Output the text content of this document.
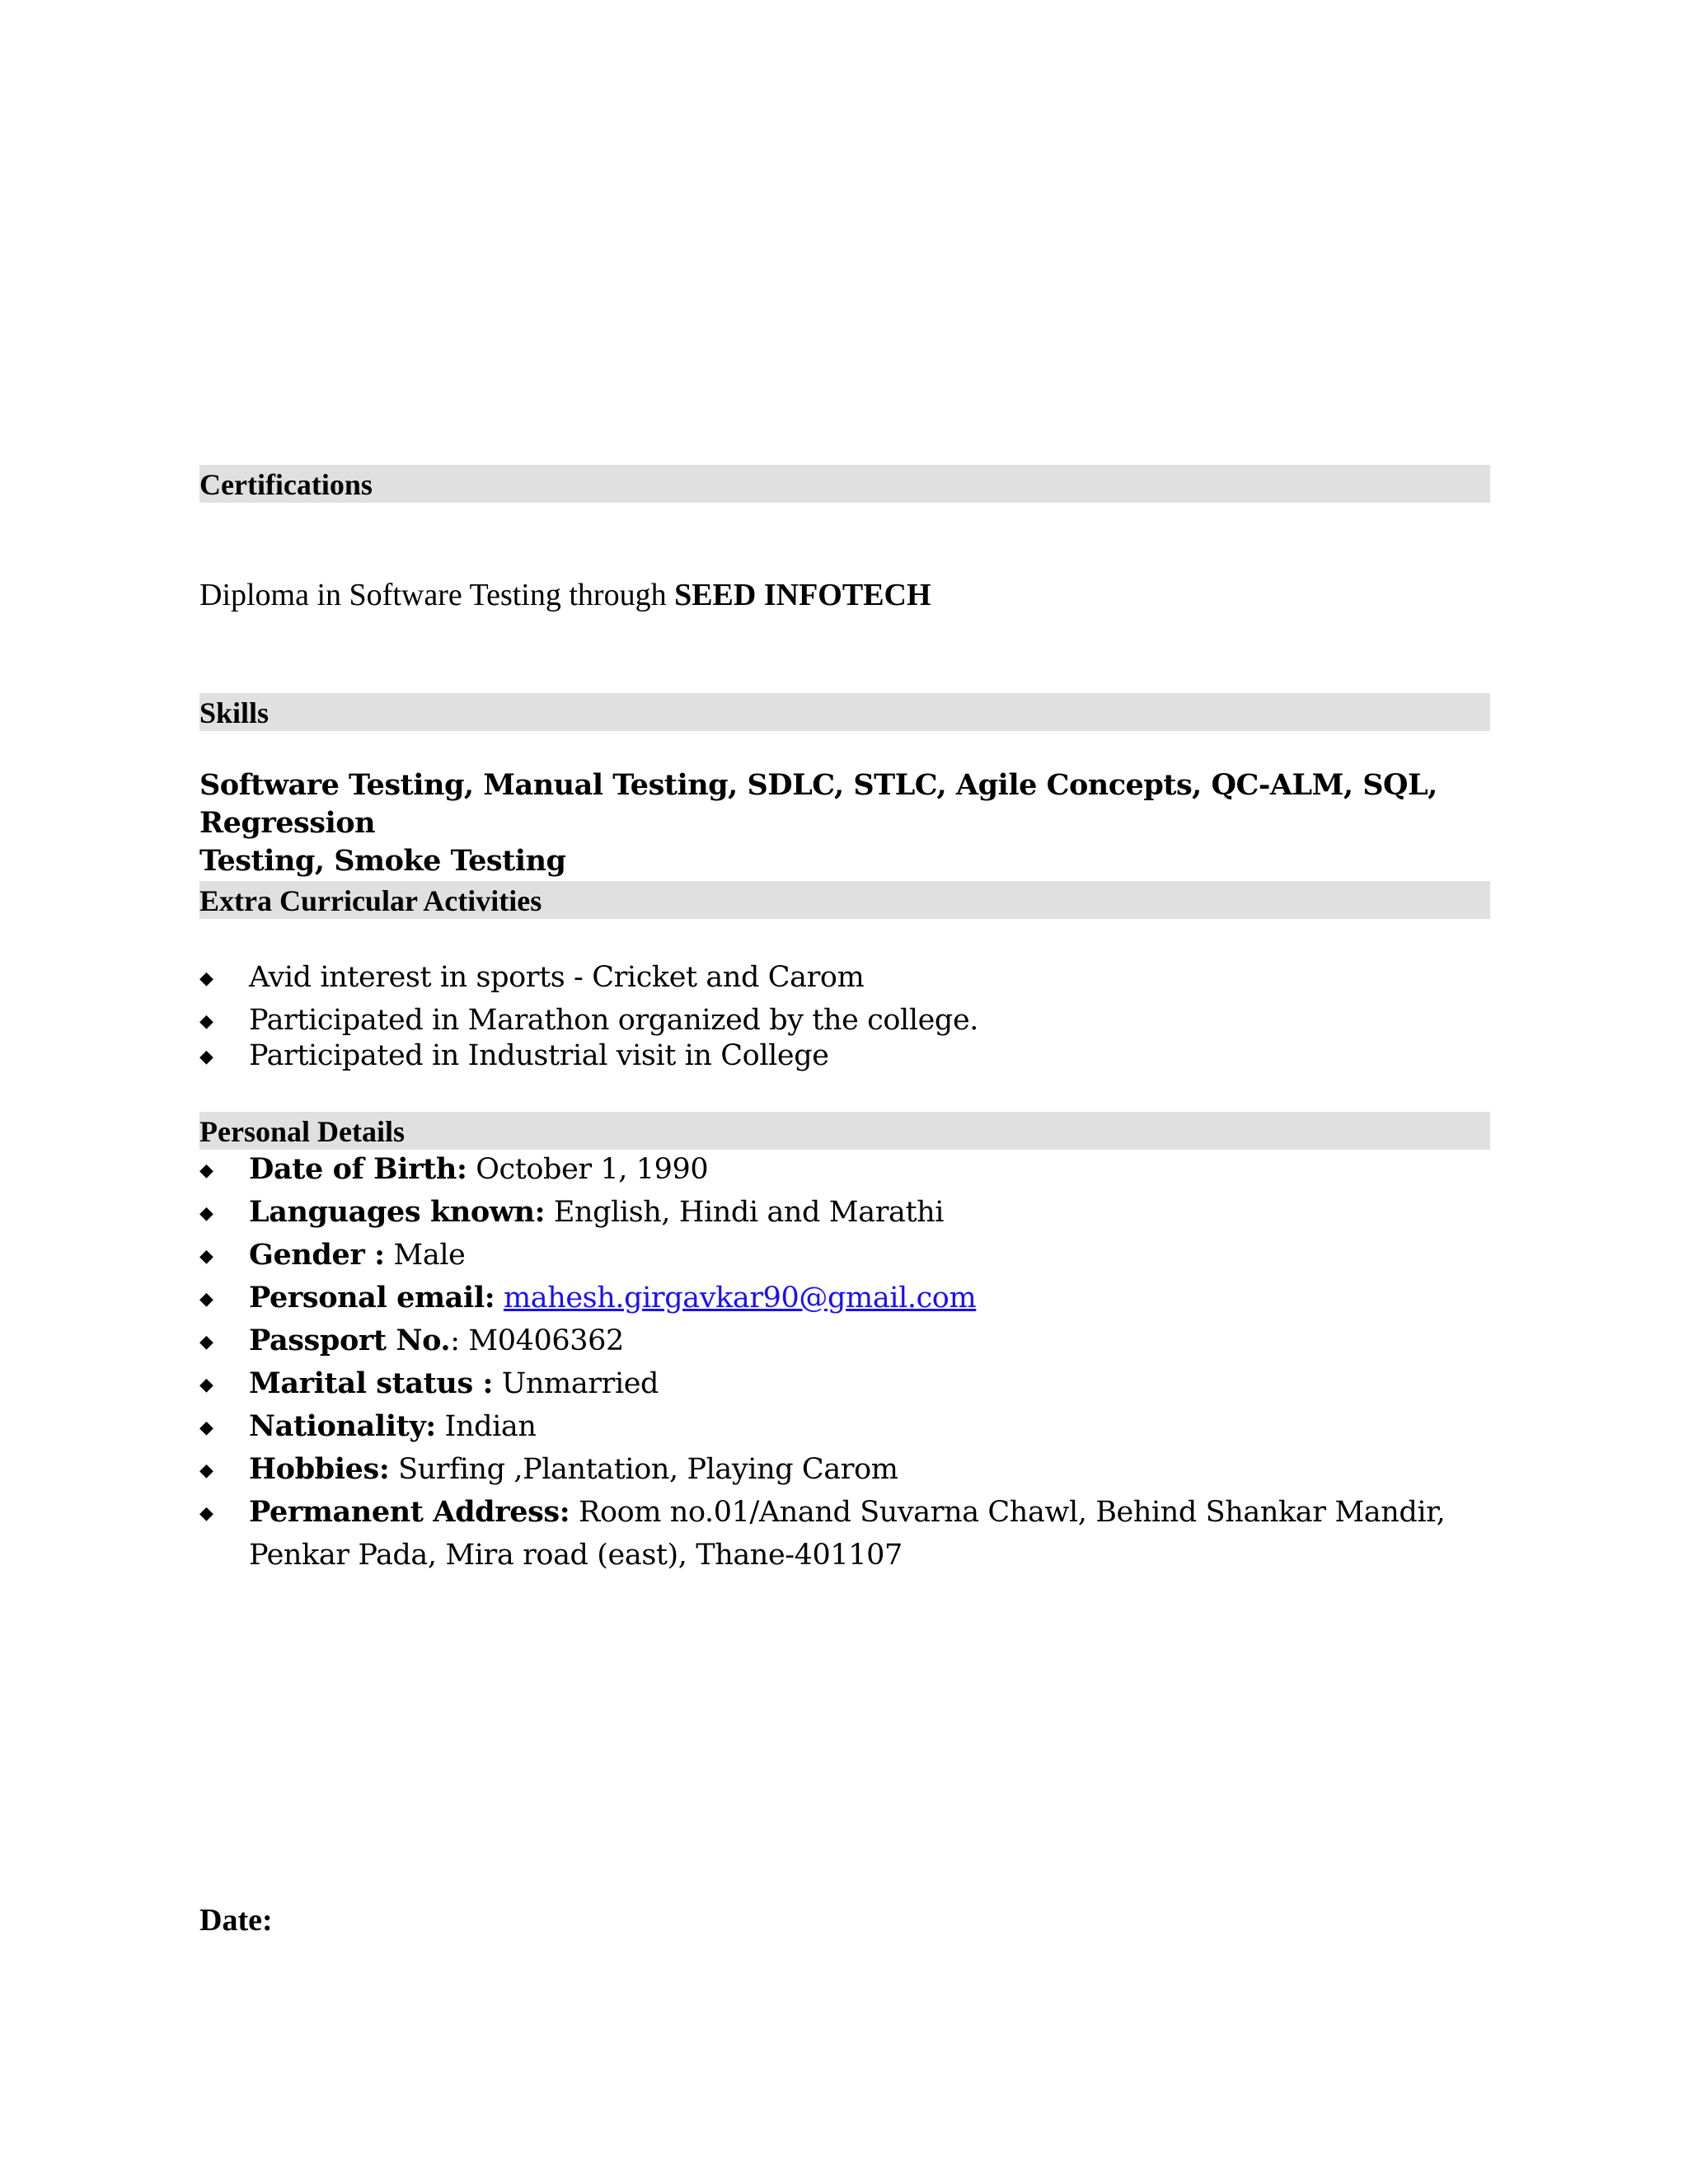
Certifications
Diploma in Software Testing through SEED INFOTECH
Skills
Software Testing, Manual Testing, SDLC, STLC, Agile Concepts, QC-ALM, SQL, Regression
Testing, Smoke Testing
Extra Curricular Activities
◆
Avid interest in sports - Cricket and Carom
◆
Participated in Marathon organized by the college.
◆
Participated in Industrial visit in College
Personal Details
◆
Date of Birth: October 1, 1990
◆
Languages known: English, Hindi and Marathi
◆
Gender : Male
◆
Personal email: mahesh.girgavkar90@gmail.com
◆
Passport No.: M0406362
◆
Marital status : Unmarried
◆
Nationality: Indian
◆
Hobbies: Surfing ,Plantation, Playing Carom
◆
Permanent Address: Room no.01/Anand Suvarna Chawl, Behind Shankar Mandir,
Penkar Pada, Mira road (east), Thane-401107
Date:
